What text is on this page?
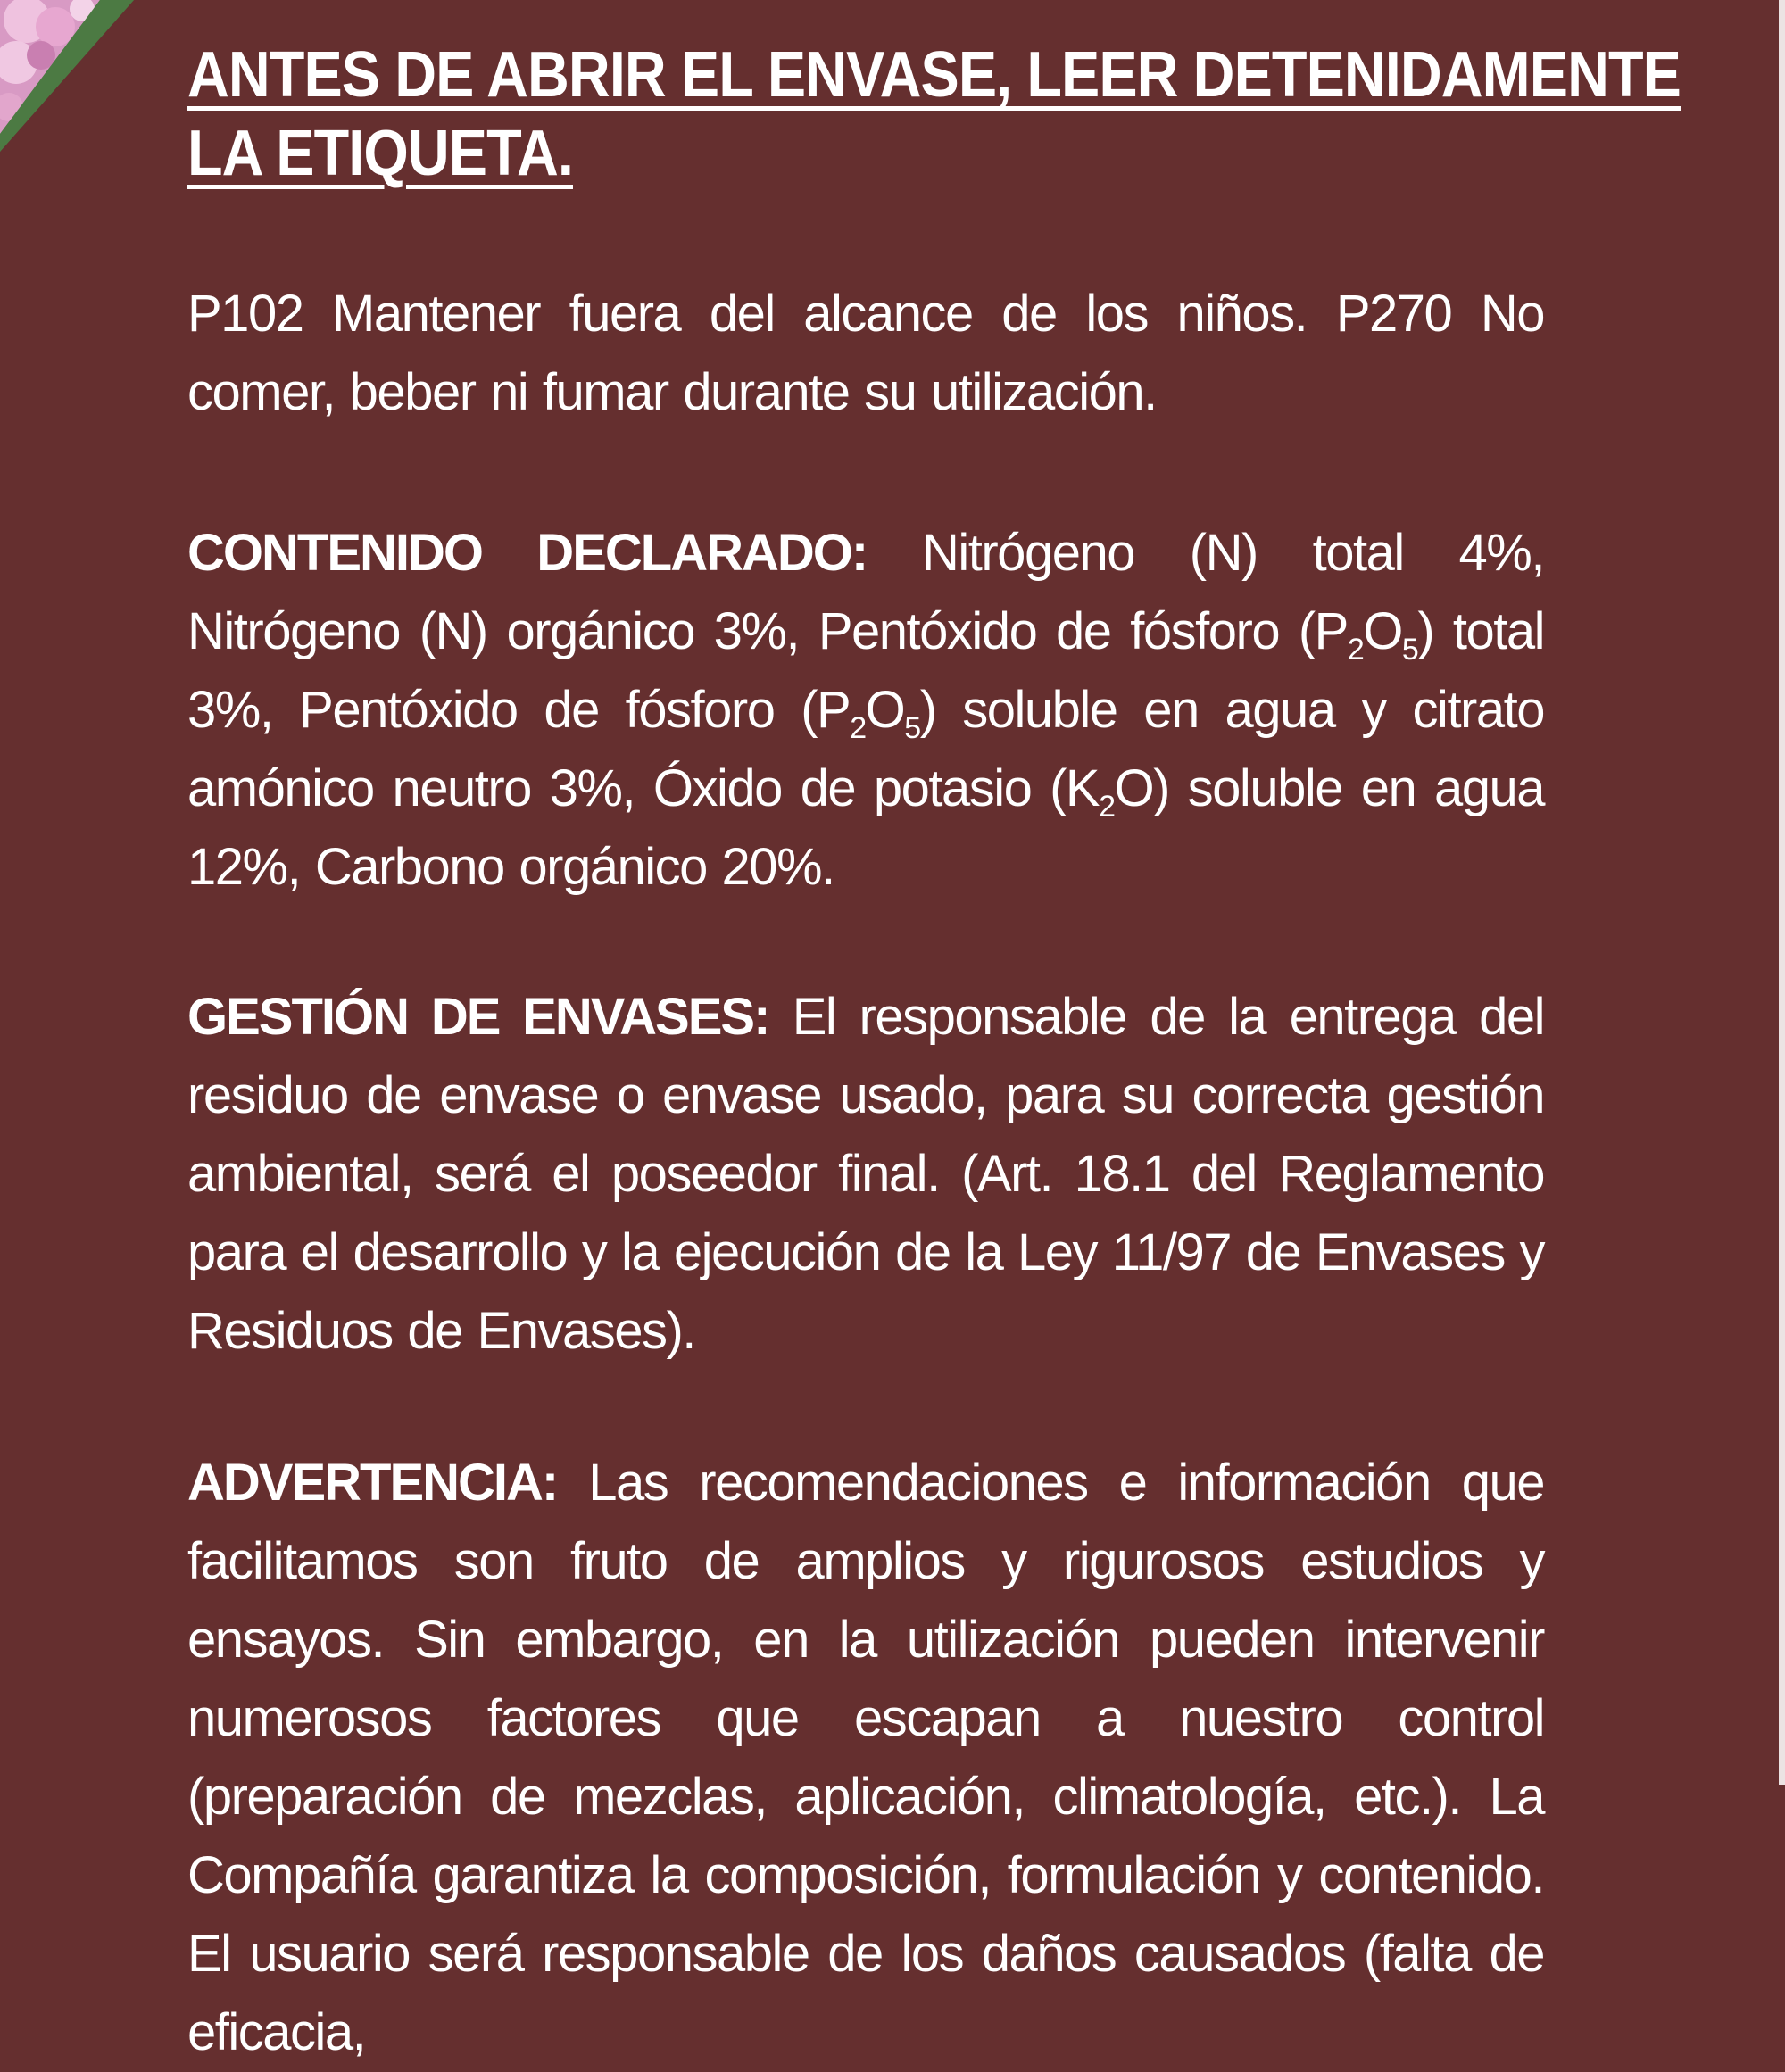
ANTES DE ABRIR EL ENVASE, LEER DETENIDAMENTE
LA ETIQUETA.

P102 Mantener fuera del alcance de los niños. P270 No comer, beber ni fumar durante su utilización.

CONTENIDO DECLARADO: Nitrógeno (N) total 4%, Nitrógeno (N) orgánico 3%, Pentóxido de fósforo $(P_2O_5)$ total 3%, Pentóxido de fósforo $(P_2O_5)$ soluble en agua y citrato amónico neutro 3%, Óxido de potasio $(K_2O)$ soluble en agua 12%, Carbono orgánico 20%.

GESTIÓN DE ENVASES: El responsable de la entrega del residuo de envase o envase usado, para su correcta gestión ambiental, será el poseedor final. (Art. 18.1 del Reglamento para el desarrollo y la ejecución de la Ley 11/97 de Envases y Residuos de Envases).

ADVERTENCIA: Las recomendaciones e información que facilitamos son fruto de amplios y rigurosos estudios y ensayos. Sin embargo, en la utilización pueden intervenir numerosos factores que escapan a nuestro control (preparación de mezclas, aplicación, climatología, etc.). La Compañía garantiza la composición, formulación y contenido. El usuario será responsable de los daños causados (falta de eficacia,
